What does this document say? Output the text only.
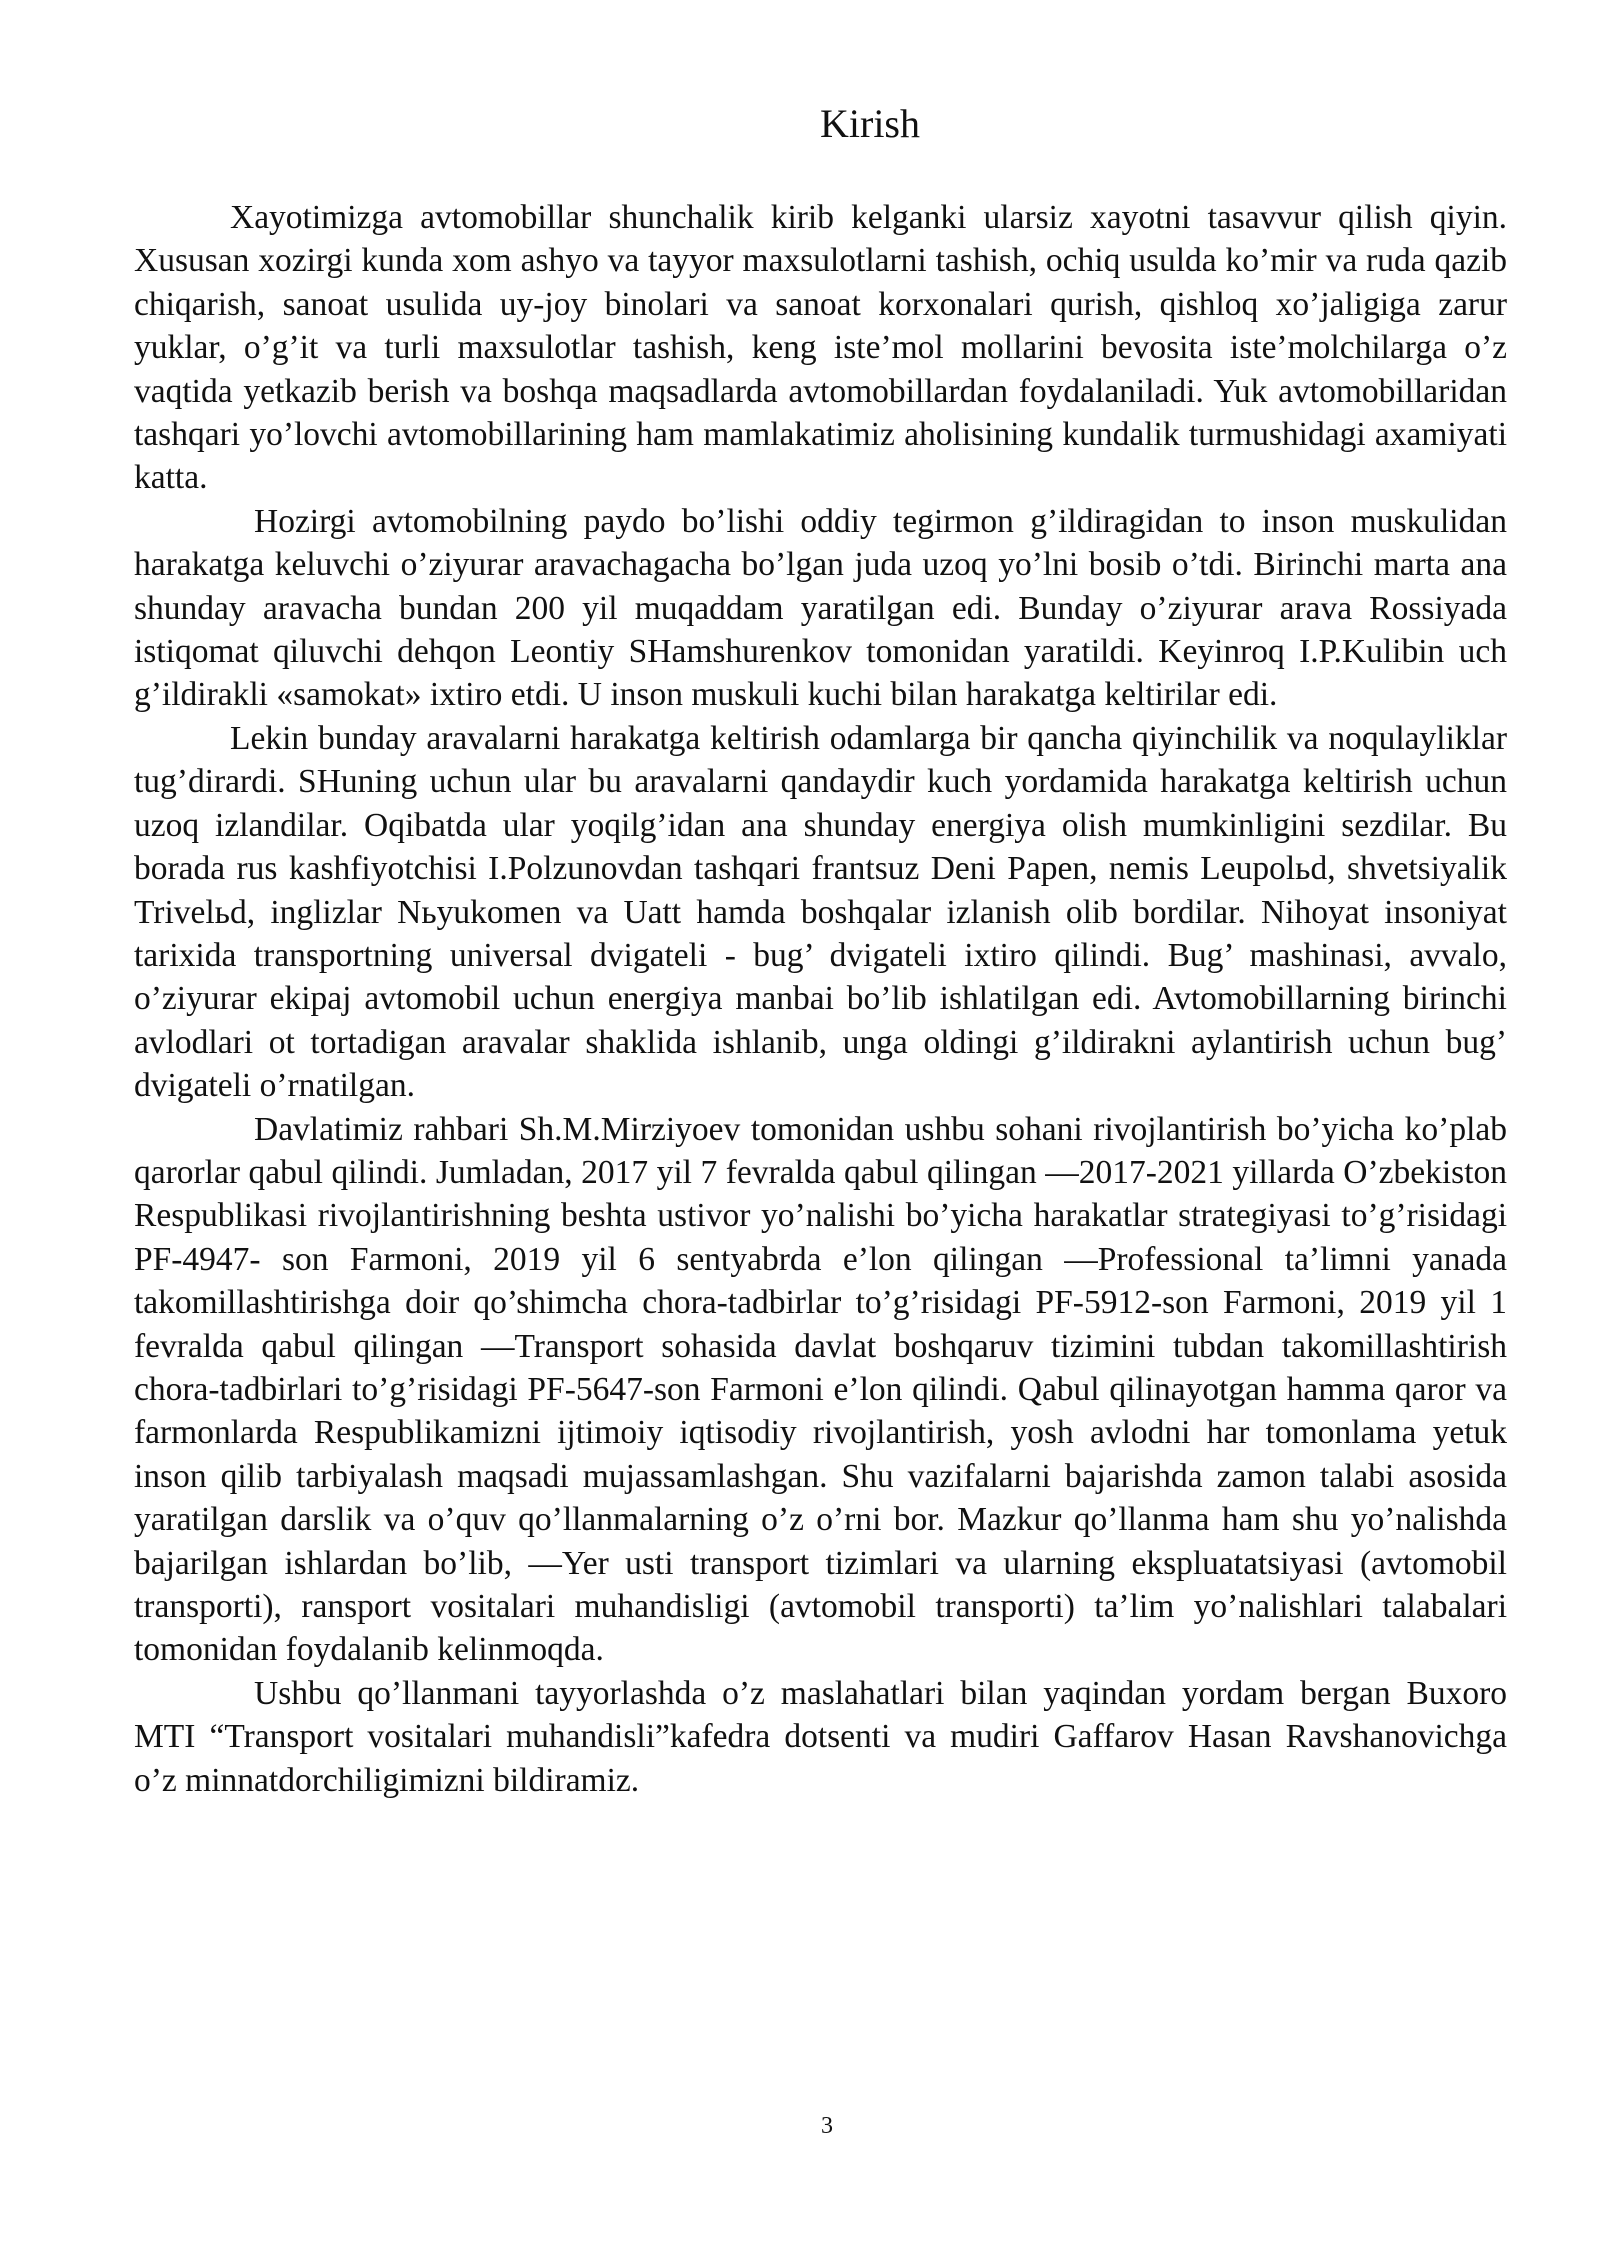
Kirish

Xayotimizga avtomobillar shunchalik kirib kelganki ularsiz xayotni tasavvur qilish qiyin. Xususan xozirgi kunda xom ashyo va tayyor maxsulotlarni tashish, ochiq usulda ko’mir va ruda qazib chiqarish, sanoat usulida uy-joy binolari va sanoat korxonalari qurish, qishloq xo’jaligiga zarur yuklar, o’g’it va turli maxsulotlar tashish, keng iste’mol mollarini bevosita iste’molchilarga o’z vaqtida yetkazib berish va boshqa maqsadlarda avtomobillardan foydalaniladi. Yuk avtomobillaridan tashqari yo’lovchi avtomobillarining ham mamlakatimiz aholisining kundalik turmushidagi axamiyati katta.

Hozirgi avtomobilning paydo bo’lishi oddiy tegirmon g’ildiragidan to inson muskulidan harakatga keluvchi o’ziyurar aravachagacha bo’lgan juda uzoq yo’lni bosib o’tdi. Birinchi marta ana shunday aravacha bundan 200 yil muqaddam yaratilgan edi. Bunday o’ziyurar arava Rossiyada istiqomat qiluvchi dehqon Leontiy SHamshurenkov tomonidan yaratildi. Keyinroq I.P.Kulibin uch g’ildirakli «samokat» ixtiro etdi. U inson muskuli kuchi bilan harakatga keltirilar edi.

Lekin bunday aravalarni harakatga keltirish odamlarga bir qancha qiyinchilik va noqulayliklar tug’dirardi. SHuning uchun ular bu aravalarni qandaydir kuch yordamida harakatga keltirish uchun uzoq izlandilar. Oqibatda ular yoqilg’idan ana shunday energiya olish mumkinligini sezdilar. Bu borada rus kashfiyotchisi I.Polzunovdan tashqari frantsuz Deni Papen, nemis Leupolьd, shvetsiyalik Trivelьd, inglizlar Nьyukomen va Uatt hamda boshqalar izlanish olib bordilar. Nihoyat insoniyat tarixida transportning universal dvigateli - bug’ dvigateli ixtiro qilindi. Bug’ mashinasi, avvalo, o’ziyurar ekipaj avtomobil uchun energiya manbai bo’lib ishlatilgan edi. Avtomobillarning birinchi avlodlari ot tortadigan aravalar shaklida ishlanib, unga oldingi g’ildirakni aylantirish uchun bug’ dvigateli o’rnatilgan.

Davlatimiz rahbari Sh.M.Mirziyoev tomonidan ushbu sohani rivojlantirish bo’yicha ko’plab qarorlar qabul qilindi. Jumladan, 2017 yil 7 fevralda qabul qilingan ―2017-2021 yillarda O’zbekiston Respublikasi rivojlantirishning beshta ustivor yo’nalishi bo’yicha harakatlar strategiyasi to’g’risidagi PF-4947- son Farmoni, 2019 yil 6 sentyabrda e’lon qilingan ―Professional ta’limni yanada takomillashtirishga doir qo’shimcha chora-tadbirlar to’g’risidagi PF-5912-son Farmoni, 2019 yil 1 fevralda qabul qilingan ―Transport sohasida davlat boshqaruv tizimini tubdan takomillashtirish chora-tadbirlari to’g’risidagi PF-5647-son Farmoni e’lon qilindi. Qabul qilinayotgan hamma qaror va farmonlarda Respublikamizni ijtimoiy iqtisodiy rivojlantirish, yosh avlodni har tomonlama yetuk inson qilib tarbiyalash maqsadi mujassamlashgan. Shu vazifalarni bajarishda zamon talabi asosida yaratilgan darslik va o’quv qo’llanmalarning o’z o’rni bor. Mazkur qo’llanma ham shu yo’nalishda bajarilgan ishlardan bo’lib, ―Yer usti transport tizimlari va ularning ekspluatatsiyasi (avtomobil transporti), ransport vositalari muhandisligi (avtomobil transporti) ta’lim yo’nalishlari talabalari tomonidan foydalanib kelinmoqda.

Ushbu qo’llanmani tayyorlashda o’z maslahatlari bilan yaqindan yordam bergan Buxoro MTI “Transport vositalari muhandisli”kafedra dotsenti va mudiri Gaffarov Hasan Ravshanovichga o’z minnatdorchiligimizni bildiramiz.

3
